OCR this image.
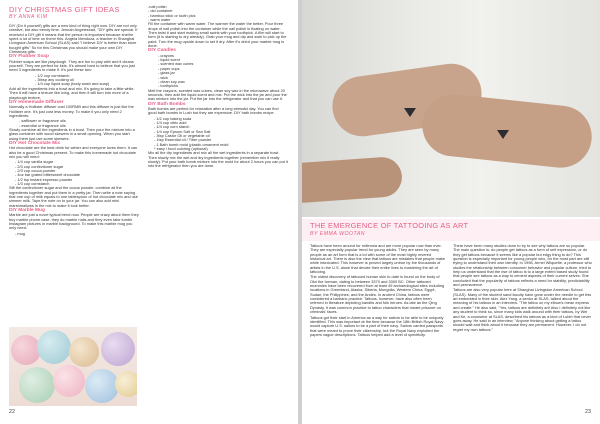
DIY CHRISTMAS GIFT IDEAS
BY ANNA KIM

DIY (Do it yourself) gifts are a new kind of thing right now. DIY are not only creative, but also trendy time. Jennah Angelesead, "DIY gifts are special. If received a DIY gift it means that the person is important because she/he spent a lot of time on them/ this. Angela Mendoza, a teacher in Shanghai Livingston American School (SLAS) said "I believe DIY is better than store bought gifts" So for this Christmas you should make your own DIY Christmas gifts.

DIY Flubber Soap

Flubber soaps are like playdough. They are fun to play with and it cleans yourself. They are perfect for kids. It's almost hard to believe that you just need 3 ingredients to make it. It's just these two:

- 1/2 cup cornstarch
- 3tbsp any cooking oil
- 1/4 cup liquid soap (body wash and soap)

Add all the ingredients into a bowl and mix. It's going to take a little while. Then it will have a texture like icing, and then it will turn into more of a playdough texture.

DIY Homemade Diffuser

Normally a Hollister diffuser cost 100RMB and this diffuser is just like the Hollister one. It's just cost less money. To make it you only need 2 ingredients:

- safflower or fragrance oils
- essential or fragrance oils

Slowly combine all the ingredients in a bowl. Then pour the mixture into a glass container with wood skewers in a small opening. When you start using them just use some skewers.

DIY Hot Chocolate Mix

Hot chocolate are the best drink for winter and everyone loves them. It can also be a good Christmas present. To make this homemade hot chocolate mix you will need:

- 1/4 cup vanilla sugar
- 2/3 cup confectioner sugar
- 2/3 cup cocoa powder
- 4oz bar grated bittersweet chocolate
- 1/2 tsp instant espresso powder
- 1/3 cup cornstarch

Sift the confectioner sugar and the cocoa powder, combine all the ingredients together and put them in a pretty jar. Then write a note saying that one cup of milk equals to one tablespoon of hot chocolate mix and use simmer milk. Tape the note on to your jar. You can also add mini marshmallows in the mix to make it look better.

DIY Marble Mug

Marble are just a novel typical trend now. People are crazy about them they buy marble phone case, they do marble nails and they even take tumblr Instagram pictures in marble background. To make this marble mug you only need:

- mug
-nail polish
- old container
- bamboo stick or tooth pick
- warm water

Fill the container with warm water. The warmer the water the better. Pour three drops of nail polish into the container while the nail polish is floating on water. Then twist it and start making small swirls with your toothpick. A film will start to form (it is starting to dry already). Grab your mug and dip and swirl to pick up the paint. Turn the mug upside down to set it dry. After it's dried your marble mug is done.

DIY Candles
- crayons
- liquid scent
- scented wax cubes
- paper cups
- glass jar
- wick
- clean soy wax
- toothpicks

Melt the crayons, scented wax cubes, clean soy wax in the microwave about 20 seconds, then add the liquid scent and mix. Put the wick into the jar and pour the wax mixture into the jar. Put the jar into the refrigerator and that you can use it.

DIY Bath Bombs

Bath bombs are perfect for relaxation after a long stressful day. You can find good bath bombs in Lush but they are expensive. DIY bath bombs recipe.

- 1/2 cup baking soda
- 1/4 cup citric acid
- 1/4 cup corn starch
- 1/4 cup Epsom Salt or Sea Salt
- 3tsp Castor Oil or vegetable oil
- 1tsp Essential oil / Tiber powder
- 1 Bath bomb mold (plastic ornament mold
* easy / food coloring (optional)

Mix all the dry ingredients and mix all the wet ingredients in a separate bowl. Then slowly mix the wet and dry ingredients together (remember mix it really slowly). Put your bath bomb mixture into the mold for about 2 hours you can put it into the refrigerator then you are done.

22
THE EMERGENCE OF TATTOOING AS ART
BY EMMA WOOTAN

Tattoos have been around for millennia and are more popular now than ever. They are especially popular trend for young adults. They are seen by many people as an art form that is a lot with some of the most highly revered historical art. There is also the view that tattoos are mistakes that people make while intoxicated. This however is proved largely untrue by the thousands of artists in the U.S. alone that devote their entire lives to mastering the art of tattooing.

The oldest discovery of tattooed human skin to date is found on the body of Otzi the Iceman, dating to between 3370 and 3300 BC. Other tattooed mummies have been recovered from at least 49 archaeological sites including locations in Greenland, Alaska, Siberia, Mongolia, Western China, Egypt, Sudan, the Philippines, and the Andes. In ancient China, tattoos were considered a barbaric practice. Tattoos, however, have also often been referred in literature depicting bandits and folk heroes. As late as the Qing Dynasty, it was common practice to tattoo characters that meant prisoner on criminals' faces.

Tattoos got their start in America as a way for sailors to be able to be uniquely identified. This was important at the time because the 18th British Royal Navy would capture U.S. sailors to be a part of their navy. Sailors carried passports that were meant to prove their citizenship, but the Royal Navy exploited the papers vague descriptions. Tattoos helped add a level of specificity.

There have been many studies done to try to see why tattoos are so popular. The main question is: do people get tattoos as a form of self expression, or do they get tattoos because it seems like a popular but edgy thing to do? This question is especially important for young people who, for the most part are still trying to understand their own identity. In 1998, Armel Wilquette, a professor who studies the relationship between consumer behavior and popular culture, tried to help us understand that the rise of tattoo is to a large extent based study found that people see tattoos as a way to cement aspects of their current selves. She concluded that the popularity of tattoos reflects a need for stability, predictability and permanence.

Tattoos are also very popular here at Shanghai Livingston American School (SLAS). Many of the student sand faculty have gone under the needle to get this art embedded in their skin. Alex Yang, a senior at SLAS, talked about the meaning of his tattoos in an interview. "The tattoo on my elbow's mean express and create." He also said, "Yes, tattoos are definitely art! Also I definitely not like any student to think so, since many kids walk around with their tattoos, by Wei and Ke, a counselor at SLAS, described his tattoos as a kind of t-shirt that never goes away. He said in an interview, "Anyone thinking about getting a tattoo should wait and think about it because they are permanent. However, I do not regret my own tattoos."

23
